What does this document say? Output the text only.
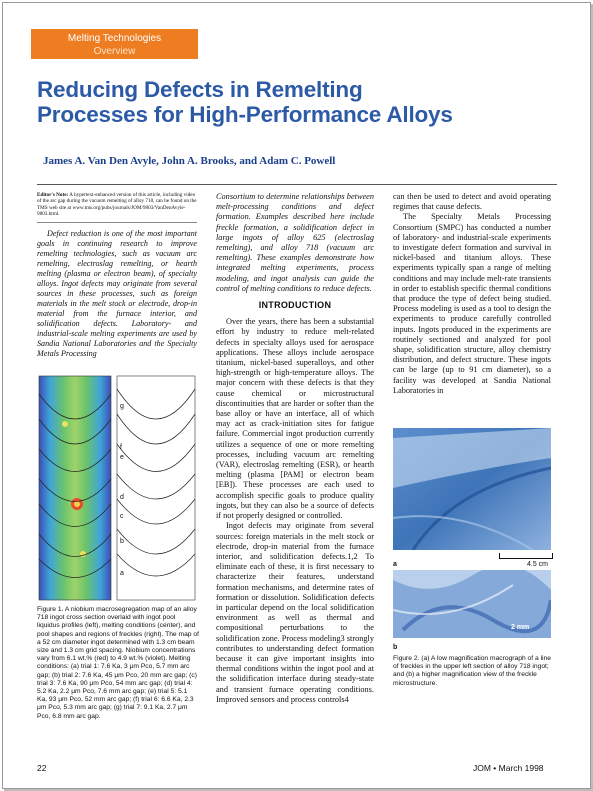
Melting Technologies
Overview
Reducing Defects in Remelting Processes for High-Performance Alloys
James A. Van Den Avyle, John A. Brooks, and Adam C. Powell
Editor's Note: A hypertext-enhanced version of this article, including video of the arc gap during the vacuum remelting of alloy 718, can be found on the TMS web site at www.tms.org/pubs/journals/JOM/9803/VanDenAvyle-9803.html.

Defect reduction is one of the most important goals in continuing research to improve remelting technologies, such as vacuum arc remelting, electroslag remelting, or hearth melting (plasma or electron beam), of specialty alloys. Ingot defects may originate from several sources in these processes, such as foreign materials in the melt stock or electrode, drop-in material from the furnace interior, and solidification defects. Laboratory- and industrial-scale melting experiments are used by Sandia National Laboratories and the Specialty Metals Processing

g
f
e
d
c
b
a
Figure 1. A niobium macrosegregation map of an alloy 718 ingot cross section overlaid with ingot pool liquidus profiles (left), melting conditions (center), and pool shapes and regions of freckles (right). The map of a 52 cm diameter ingot determined with 1.3 cm beam size and 1.3 cm grid spacing. Niobium concentrations vary from 6.1 wt.% (red) to 4.9 wt.% (violet). Melting conditions: (a) trial 1: 7.6 Ka, 3 μm Pco, 5.7 mm arc gap; (b) trial 2: 7.6 Ka, 45 μm Pco, 20 mm arc gap; (c) trial 3: 7.6 Ka, 90 μm Pco, 54 mm arc gap; (d) trial 4: 5.2 Ka, 2.2 μm Pco, 7.6 mm arc gap; (e) trial 5: 5.1 Ka, 93 μm Pco, 52 mm arc gap; (f) trial 6: 6.6 Ka, 2.3 μm Pco, 5.3 mm arc gap; (g) trial 7: 9.1 Ka, 2.7 μm Pco, 6.8 mm arc gap.

Consortium to determine relationships between melt-processing conditions and defect formation. Examples described here include freckle formation, a solidification defect in large ingots of alloy 625 (electroslag remelting), and alloy 718 (vacuum arc remelting). These examples demonstrate how integrated melting experiments, process modeling, and ingot analysis can guide the control of melting conditions to reduce defects.

INTRODUCTION

Over the years, there has been a substantial effort by industry to reduce melt-related defects in specialty alloys used for aerospace applications. These alloys include aerospace titanium, nickel-based superalloys, and other high-strength or high-temperature alloys. The major concern with these defects is that they cause chemical or microstructural discontinuities that are harder or softer than the base alloy or have an interface, all of which may act as crack-initiation sites for fatigue failure. Commercial ingot production currently utilizes a sequence of one or more remelting processes, including vacuum arc remelting (VAR), electroslag remelting (ESR), or hearth melting (plasma [PAM] or electron beam [EB]). These processes are each used to accomplish specific goals to produce quality ingots, but they can also be a source of defects if not properly designed or controlled.

Ingot defects may originate from several sources: foreign materials in the melt stock or electrode, drop-in material from the furnace interior, and solidification defects.1,2 To eliminate each of these, it is first necessary to characterize their features, understand formation mechanisms, and determine rates of formation or dissolution. Solidification defects in particular depend on the local solidification environment as well as thermal and compositional perturbations to the solidification zone. Process modeling3 strongly contributes to understanding defect formation because it can give important insights into thermal conditions within the ingot pool and at the solidification interface during steady-state and transient furnace operating conditions. Improved sensors and process controls4

can then be used to detect and avoid operating regimes that cause defects.

The Specialty Metals Processing Consortium (SMPC) has conducted a number of laboratory- and industrial-scale experiments to investigate defect formation and survival in nickel-based and titanium alloys. These experiments typically span a range of melting conditions and may include melt-rate transients in order to establish specific thermal conditions that produce the type of defect being studied. Process modeling is used as a tool to design the experiments to produce carefully controlled inputs. Ingots produced in the experiments are routinely sectioned and analyzed for pool shape, solidification structure, alloy chemistry distribution, and defect structure. These ingots can be large (up to 91 cm diameter), so a facility was developed at Sandia National Laboratories in

a	4.5 cm
2 mm
b
Figure 2. (a) A low magnification macrograph of a line of freckles in the upper left section of alloy 718 ingot; and (b) a higher magnification view of the freckle microstructure.
22	JOM • March 1998
